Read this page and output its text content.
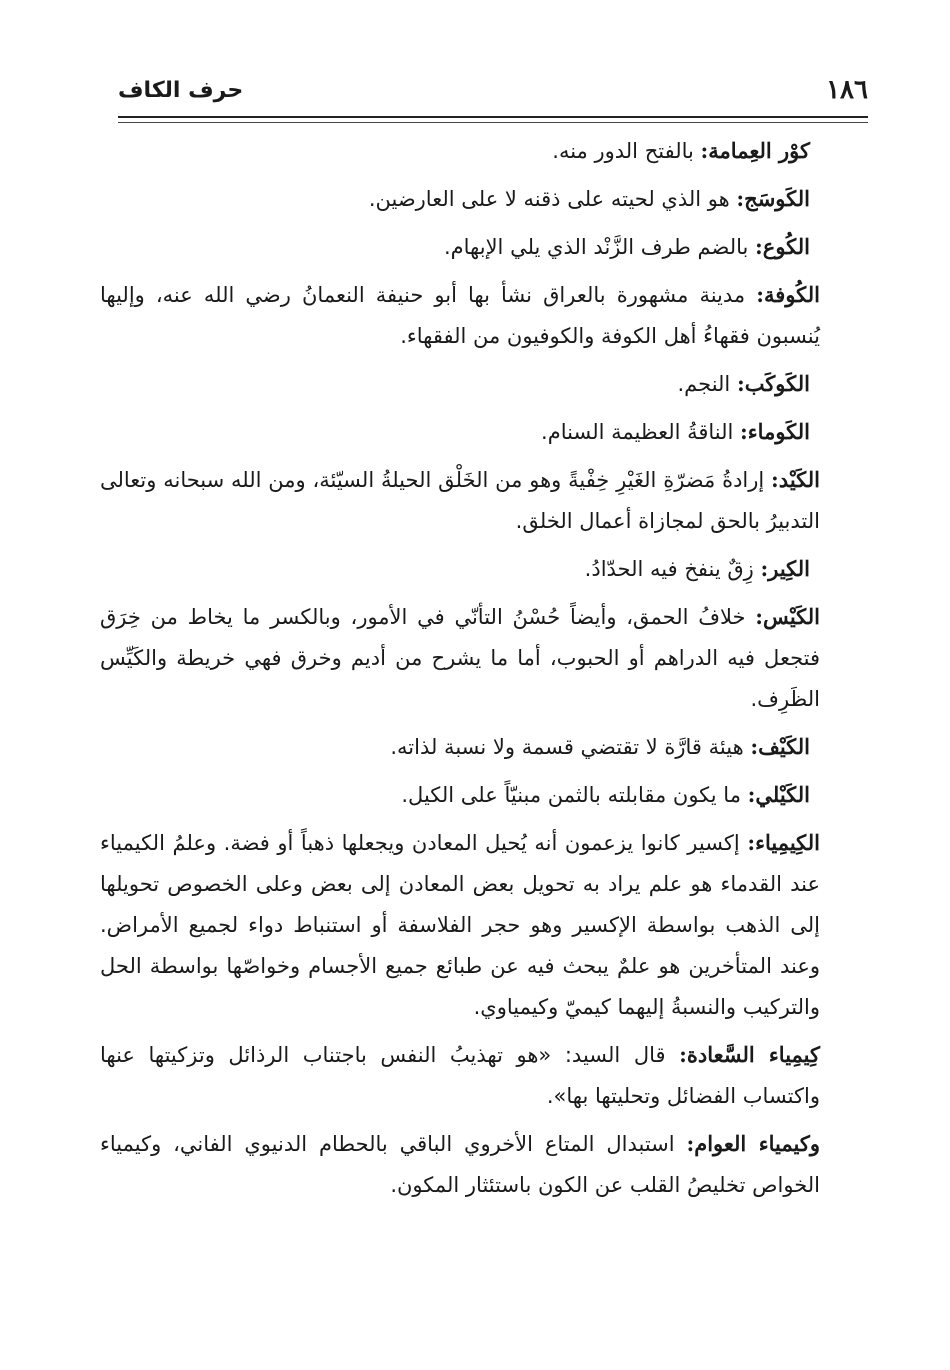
١٨٦
حرف الكاف

كوْر العِمامة: بالفتح الدور منه.

الكَوسَج: هو الذي لحيته على ذقنه لا على العارضين.

الكُوع: بالضم طرف الزَّنْد الذي يلي الإبهام.

الكُوفة: مدينة مشهورة بالعراق نشأ بها أبو حنيفة النعمانُ رضي الله عنه، وإليها يُنسبون فقهاءُ أهل الكوفة والكوفيون من الفقهاء.

الكَوكَب: النجم.

الكَوماء: الناقةُ العظيمة السنام.

الكَيْد: إرادةُ مَضرّةِ الغَيْرِ خِفْيةً وهو من الخَلْق الحيلةُ السيّئة، ومن الله سبحانه وتعالى التدبيرُ بالحق لمجازاة أعمال الخلق.

الكِير: زِقٌ ينفخ فيه الحدّادُ.

الكَيْس: خلافُ الحمق، وأيضاً حُسْنُ التأنّي في الأمور، وبالكسر ما يخاط من خِرَق فتجعل فيه الدراهم أو الحبوب، أما ما يشرح من أديم وخرق فهي خريطة والكَيِّس الظَرِف.

الكَيْف: هيئة قارَّة لا تقتضي قسمة ولا نسبة لذاته.

الكَيْلي: ما يكون مقابلته بالثمن مبنيّاً على الكيل.

الكِيمِياء: إكسير كانوا يزعمون أنه يُحيل المعادن ويجعلها ذهباً أو فضة. وعلمُ الكيمياء عند القدماء هو علم يراد به تحويل بعض المعادن إلى بعض وعلى الخصوص تحويلها إلى الذهب بواسطة الإكسير وهو حجر الفلاسفة أو استنباط دواء لجميع الأمراض. وعند المتأخرين هو علمٌ يبحث فيه عن طبائع جميع الأجسام وخواصّها بواسطة الحل والتركيب والنسبةُ إليهما كيميّ وكيمياوي.

كِيمِياء السَّعادة: قال السيد: «هو تهذيبُ النفس باجتناب الرذائل وتزكيتها عنها واكتساب الفضائل وتحليتها بها».

وكيمياء العوام: استبدال المتاع الأخروي الباقي بالحطام الدنيوي الفاني، وكيمياء الخواص تخليصُ القلب عن الكون باستئثار المكون.
